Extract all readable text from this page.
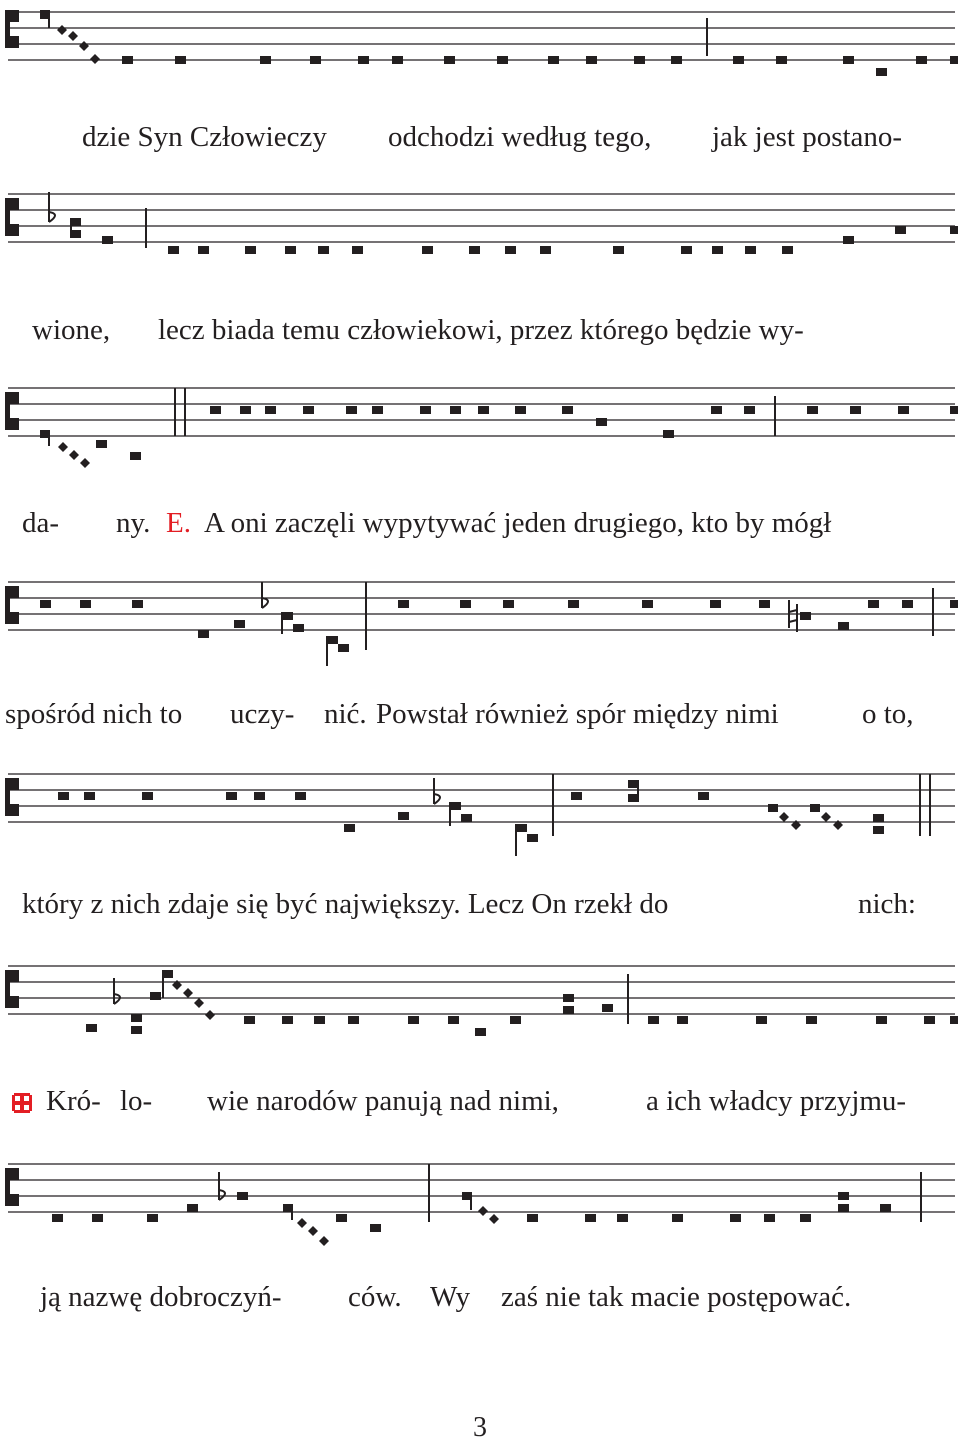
dzie Syn Człowieczy odchodzi według tego, jak jest postano-
wione, lecz biada temu człowiekowi, przez którego będzie wy-
da- ny. E. A oni zaczęli wypytywać jeden drugiego, kto by mógł
spośród nich to uczy- nić. Powstał również spór między nimi	o to,
który z nich zdaje się być największy. Lecz On rzekł do	nich:
Kró- lo- wie narodów panują nad nimi,	a ich władcy przyjmu-
ją nazwę dobroczyń- ców. Wy zaś nie tak macie postępować.
3
